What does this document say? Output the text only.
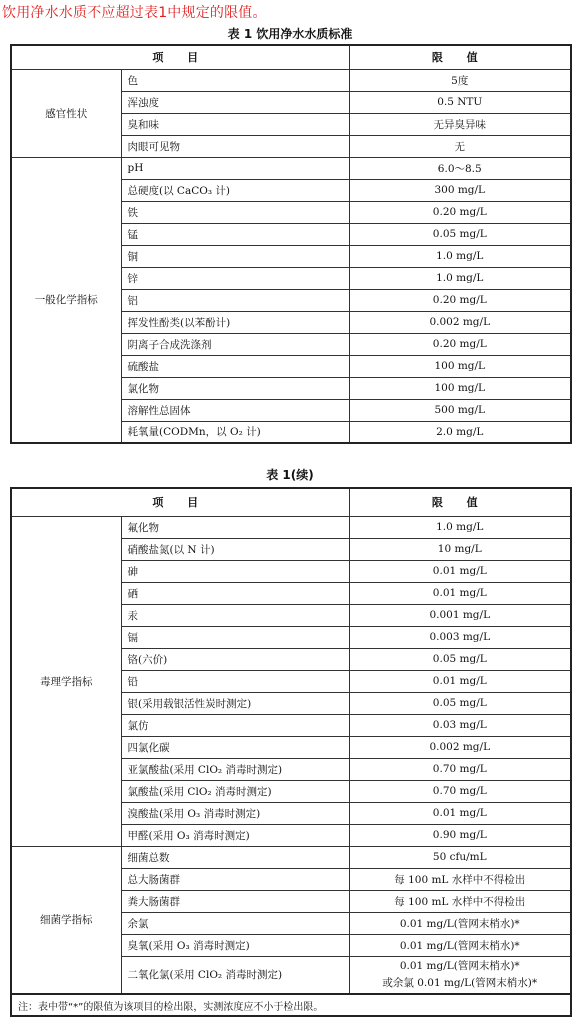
饮用净水水质不应超过表1中规定的限值。
表 1 饮用净水水质标准
项 目		限 值
感官性状	色	5度
	浑浊度	0.5 NTU
	臭和味	无异臭异味
	肉眼可见物	无
一般化学指标	pH	6.0～8.5
	总硬度(以 CaCO₃ 计)	300 mg/L
	铁	0.20 mg/L
	锰	0.05 mg/L
	铜	1.0 mg/L
	锌	1.0 mg/L
	铝	0.20 mg/L
	挥发性酚类(以苯酚计)	0.002 mg/L
	阴离子合成洗涤剂	0.20 mg/L
	硫酸盐	100 mg/L
	氯化物	100 mg/L
	溶解性总固体	500 mg/L
	耗氧量(CODMn，以 O₂ 计)	2.0 mg/L
表 1(续)
项 目		限 值
毒理学指标	氟化物	1.0 mg/L
	硝酸盐氮(以 N 计)	10 mg/L
	砷	0.01 mg/L
	硒	0.01 mg/L
	汞	0.001 mg/L
	镉	0.003 mg/L
	铬(六价)	0.05 mg/L
	铅	0.01 mg/L
	银(采用载银活性炭时测定)	0.05 mg/L
	氯仿	0.03 mg/L
	四氯化碳	0.002 mg/L
	亚氯酸盐(采用 ClO₂ 消毒时测定)	0.70 mg/L
	氯酸盐(采用 ClO₂ 消毒时测定)	0.70 mg/L
	溴酸盐(采用 O₃ 消毒时测定)	0.01 mg/L
	甲醛(采用 O₃ 消毒时测定)	0.90 mg/L
细菌学指标	细菌总数	50 cfu/mL
	总大肠菌群	每 100 mL 水样中不得检出
	粪大肠菌群	每 100 mL 水样中不得检出
	余氯	0.01 mg/L(管网末梢水)*
	臭氧(采用 O₃ 消毒时测定)	0.01 mg/L(管网末梢水)*
	二氧化氯(采用 ClO₂ 消毒时测定)	0.01 mg/L(管网末梢水)*
或余氯 0.01 mg/L(管网末梢水)*

注：表中带“*”的限值为该项目的检出限，实测浓度应不小于检出限。		
